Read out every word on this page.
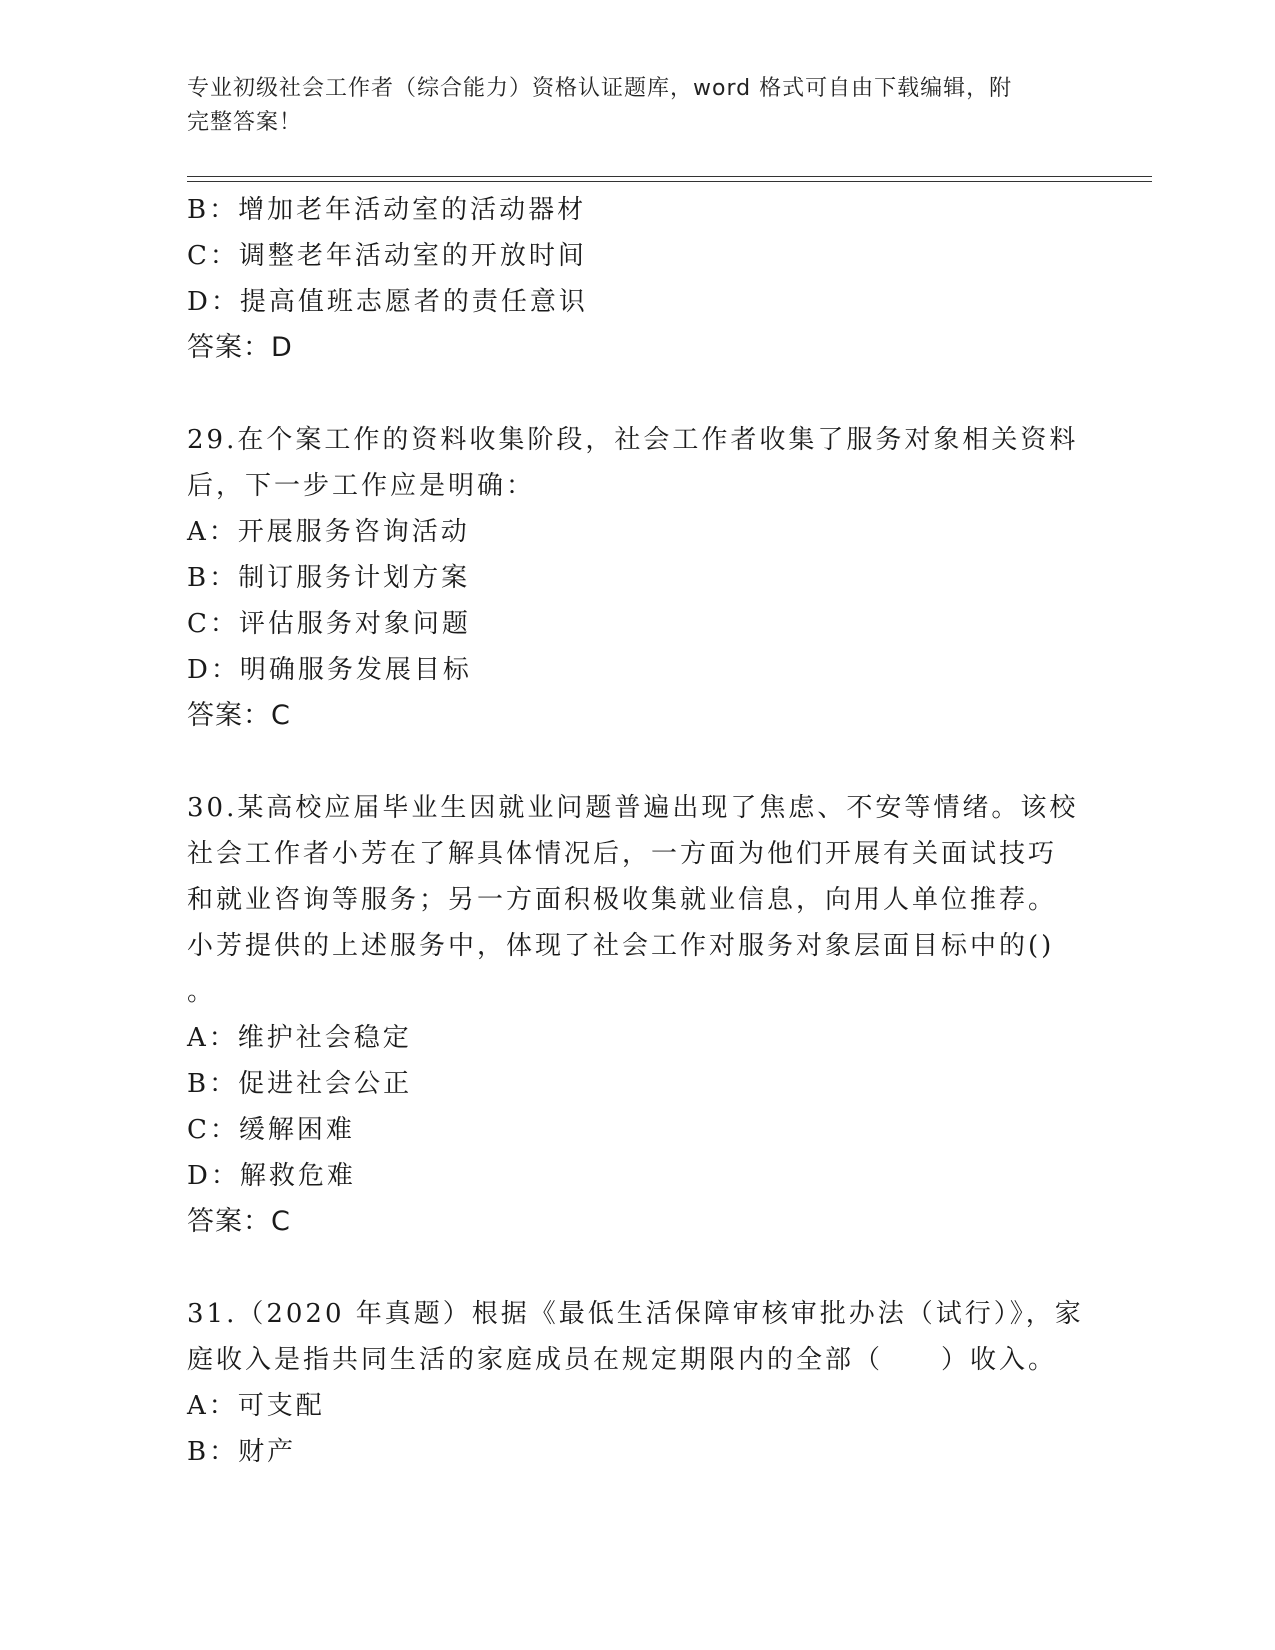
专业初级社会工作者（综合能力）资格认证题库，word 格式可自由下载编辑，附
完整答案！
B：增加老年活动室的活动器材
C：调整老年活动室的开放时间
D：提高值班志愿者的责任意识
答案：D
29.在个案工作的资料收集阶段，社会工作者收集了服务对象相关资料
后，下一步工作应是明确：
A：开展服务咨询活动
B：制订服务计划方案
C：评估服务对象问题
D：明确服务发展目标
答案：C
30.某高校应届毕业生因就业问题普遍出现了焦虑、不安等情绪。该校
社会工作者小芳在了解具体情况后，一方面为他们开展有关面试技巧
和就业咨询等服务；另一方面积极收集就业信息，向用人单位推荐。
小芳提供的上述服务中，体现了社会工作对服务对象层面目标中的()
。
A：维护社会稳定
B：促进社会公正
C：缓解困难
D：解救危难
答案：C
31.（2020 年真题）根据《最低生活保障审核审批办法（试行）》，家
庭收入是指共同生活的家庭成员在规定期限内的全部（　　）收入。
A：可支配
B：财产
